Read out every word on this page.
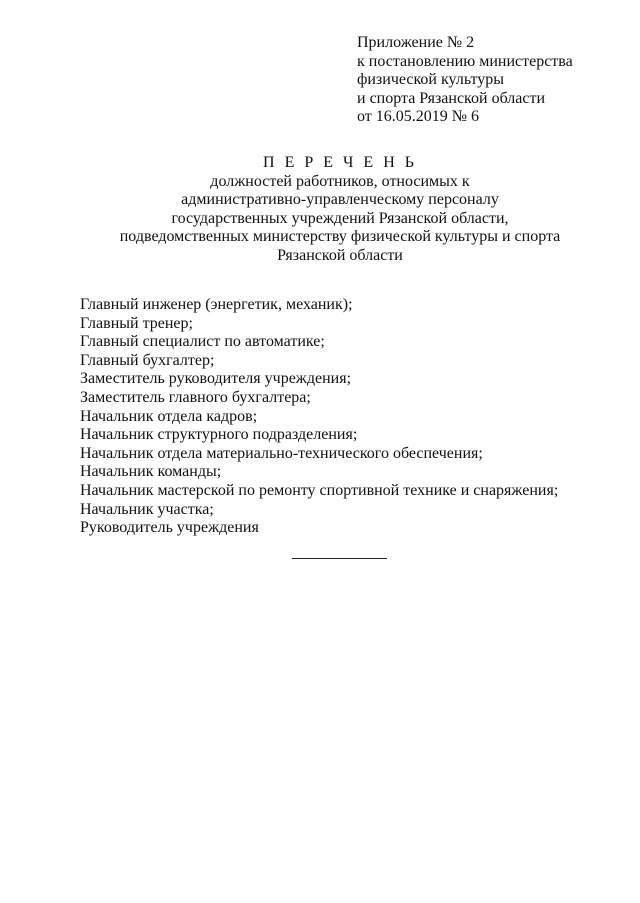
Приложение № 2
к постановлению министерства
физической культуры
и спорта Рязанской области
от 16.05.2019 № 6
П Е Р Е Ч Е Н Ь
должностей работников, относимых к
административно-управленческому персоналу
государственных учреждений Рязанской области,
подведомственных министерству физической культуры и спорта
Рязанской области
Главный инженер (энергетик, механик);
Главный тренер;
Главный специалист по автоматике;
Главный бухгалтер;
Заместитель руководителя учреждения;
Заместитель главного бухгалтера;
Начальник отдела кадров;
Начальник структурного подразделения;
Начальник отдела материально-технического обеспечения;
Начальник команды;
Начальник мастерской по ремонту спортивной технике и снаряжения;
Начальник участка;
Руководитель учреждения
